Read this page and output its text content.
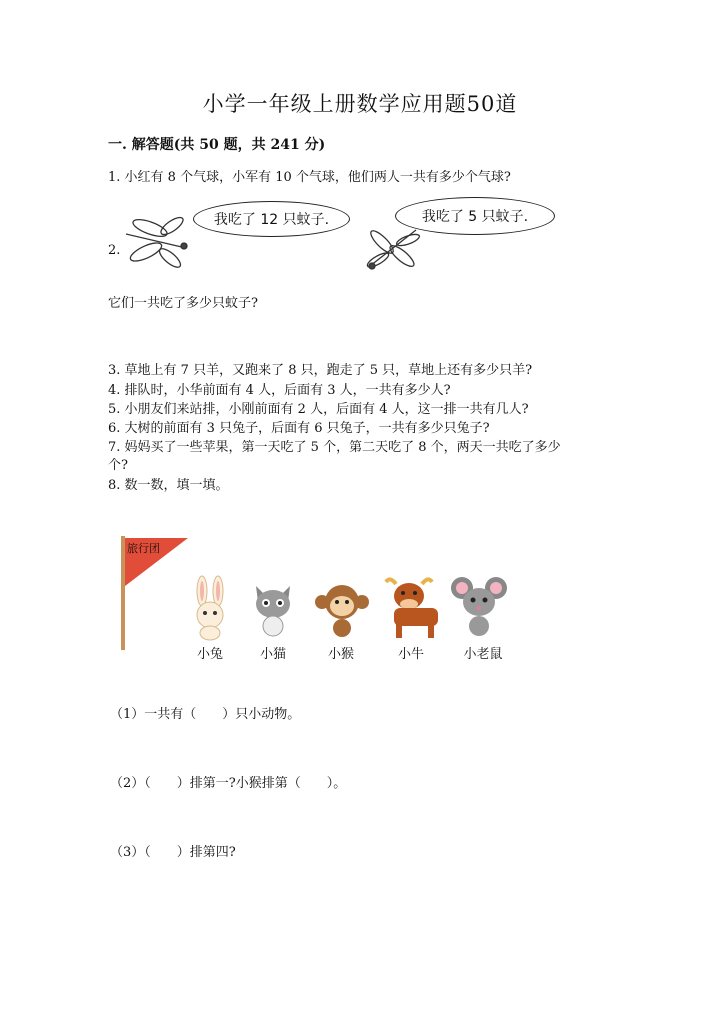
小学一年级上册数学应用题50道
一. 解答题(共 50 题，共 241 分)
1. 小红有 8 个气球，小军有 10 个气球，他们两人一共有多少个气球?
2.
我吃了 12 只蚊子.	我吃了 5 只蚊子.
它们一共吃了多少只蚊子?
3. 草地上有 7 只羊，又跑来了 8 只，跑走了 5 只，草地上还有多少只羊?
4. 排队时，小华前面有 4 人，后面有 3 人，一共有多少人?
5. 小朋友们来站排，小刚前面有 2 人，后面有 4 人，这一排一共有几人?
6. 大树的前面有 3 只兔子，后面有 6 只兔子，一共有多少只兔子?
7. 妈妈买了一些苹果，第一天吃了 5 个，第二天吃了 8 个，两天一共吃了多少
个?
8. 数一数，填一填。
旅行团
小兔	小猫	小猴	小牛	小老鼠
（1）一共有（　　）只小动物。
（2）（　　）排第一?小猴排第（　　）。
（3）（　　）排第四?
